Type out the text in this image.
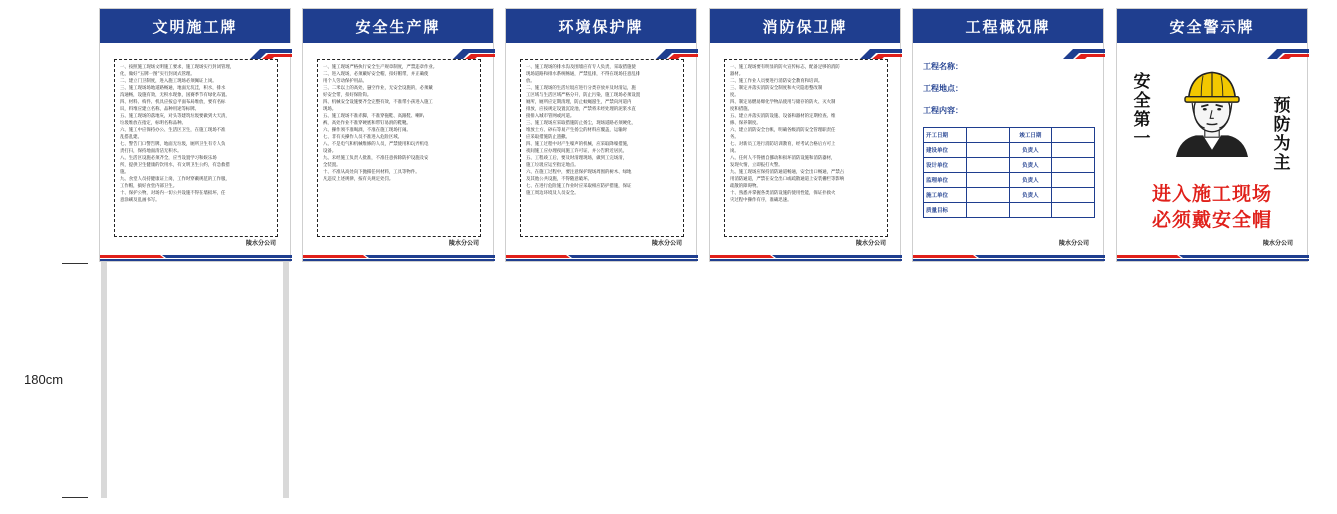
文明施工牌
一、按照施工现场文明施工要求，施工现场实行封闭管理，
化，做好“五牌一图”实行封闭式管理。
二、建立门卫制度，进入施工现场必须佩证上岗。
三、施工现场场地道路畅通，地面无坑洼，积水，排水
沟通畅，设施有效，无积水现象，国赛季节有绿化布置。
四、材料、构件、机具应按总平面布局堆放，要有名标
识，料堆应建立名称，品种用途等标牌。
五、施工现场的落地灰，对头等建筑垃圾要做到大天清，
垃圾堆放在指定，标明名称品种。
六、施工中应保持办公、生活区卫生，在施工现场不准
乱搭乱建。
七、警告门口警告牌，地面无垃圾，厕所卫生有专人负
责打扫，保持地面清洁无积水。
八、生活区设施必须齐全，应当设置学习和娱乐场
所，提供卫生健康的饮用水，有文明卫生公约，有急救措
施。
九、食堂人员持健康证上岗，工作时穿戴规范的工作服，
工作帽，搞好食堂内部卫生。
十、保护公物，对场内一切公共设施不得在墙损坏，任
意涂刷及乱画书写。
陵水分公司
安全生产牌
一、施工现场严格执行安全生产规章制度，严禁违章作业。
二、进入现场，必须戴好安全帽，扣好帽带，并正确使
用个人劳动保护用品。
三、二米以上的高处，悬空作业，无安全设施的，必须戴
好安全带，扣好保险钩。
四、机械安全设施要齐全完整有效，不准带小孩进入施工
现场。
五、施工现场不准赤脚，不准穿拖鞋、高跟鞋、喇叭
裤，高处作业不准穿硬底和带钉易滑的鞋靴。
六、操作须不准喝酒，不准在施工现场打闹。
七、非有关操作人员不准进入危险区域。
八、不是电气和机械维修的人员，严禁使用和玩弄机电
设备。
九、未经施工负责人批准，不准任意拆除防护设施及安
全装置。
十、不准从高处向下抛掷任何材料，工具等物件。
凡违反上述规律，按有关规定处罚。
陵水分公司
环境保护牌
一、施工现场的排水沟及围墙应有专人负责，采取措施使
现场道路和排水系统畅通，严禁乱排，不得在现场任意乱排
放。
二、施工现场的生活垃圾应进行分类存放并及时清运，施
工区域与生活区域严格分开，防止污染，施工现场必须设置
厕所，厕所应定期清理，防止蚊蝇滋生，严禁向河道内
排放，应按规定设置沉淀池，严禁将未经处理的泥浆水直
接排入城市管网或河道。
三、施工现场应采取措施防止扬尘，现场道路必须硬化，
堆放土方、砂石等易产生扬尘的材料应覆盖，运输时
应采取措施防止遗撒。
四、施工过程中对产生噪声的机械，应采取降噪措施，
夜间施工应办理夜间施工许可证，并公告附近居民。
五、工程竣工后，要及时清理现场，做到工完场清，
施工垃圾应运至指定地点。
六、在施工过程中，要注意保护现场周围的树木、绿地
及其他公共设施，不得随意破坏。
七、在进行危险施工作业时应采取相应防护措施，保证
施工周边环境及人员安全。
陵水分公司
消防保卫牌
一、施工现场要有明显的防火宣传标志，配备足够的消防
器材。
二、施工作业人员要进行消防安全教育和培训。
三、制定并落实消防安全制度和火灾隐患整改制
度。
四、制定易燃易爆化学物品使用与储存的防火、灭火制
度和措施。
五、建立并落实消防设施、设备和器材的定期检查、维
修、保养制度。
六、建立消防安全台帐，明确各级消防安全管理职责任
务。
七、对新员工进行消防培训教育，经考试合格后方可上
岗。
八、任何人不得擅自挪动和损坏消防设施和消防器材，
发现火情，立即报打火警。
九、施工现场应保持消防通道畅通，安全出口畅通，严禁占
用消防通道，严禁在安全出口或疏散通道上安装栅栏等影响
疏散的障碍物。
十、熟悉并掌握各类消防设施的使用性能，保证扑救火
灾过程中操作有序，准确迅速。
陵水分公司
工程概况牌
工程名称：
工程地点：
工程内容：
开工日期		竣工日期	
建设单位		负责人	
设计单位		负责人	
监理单位		负责人	
施工单位		负责人	
质量目标			
陵水分公司
安全警示牌
安
全
第
一
预
防
为
主
进入施工现场
必须戴安全帽
陵水分公司
180cm
